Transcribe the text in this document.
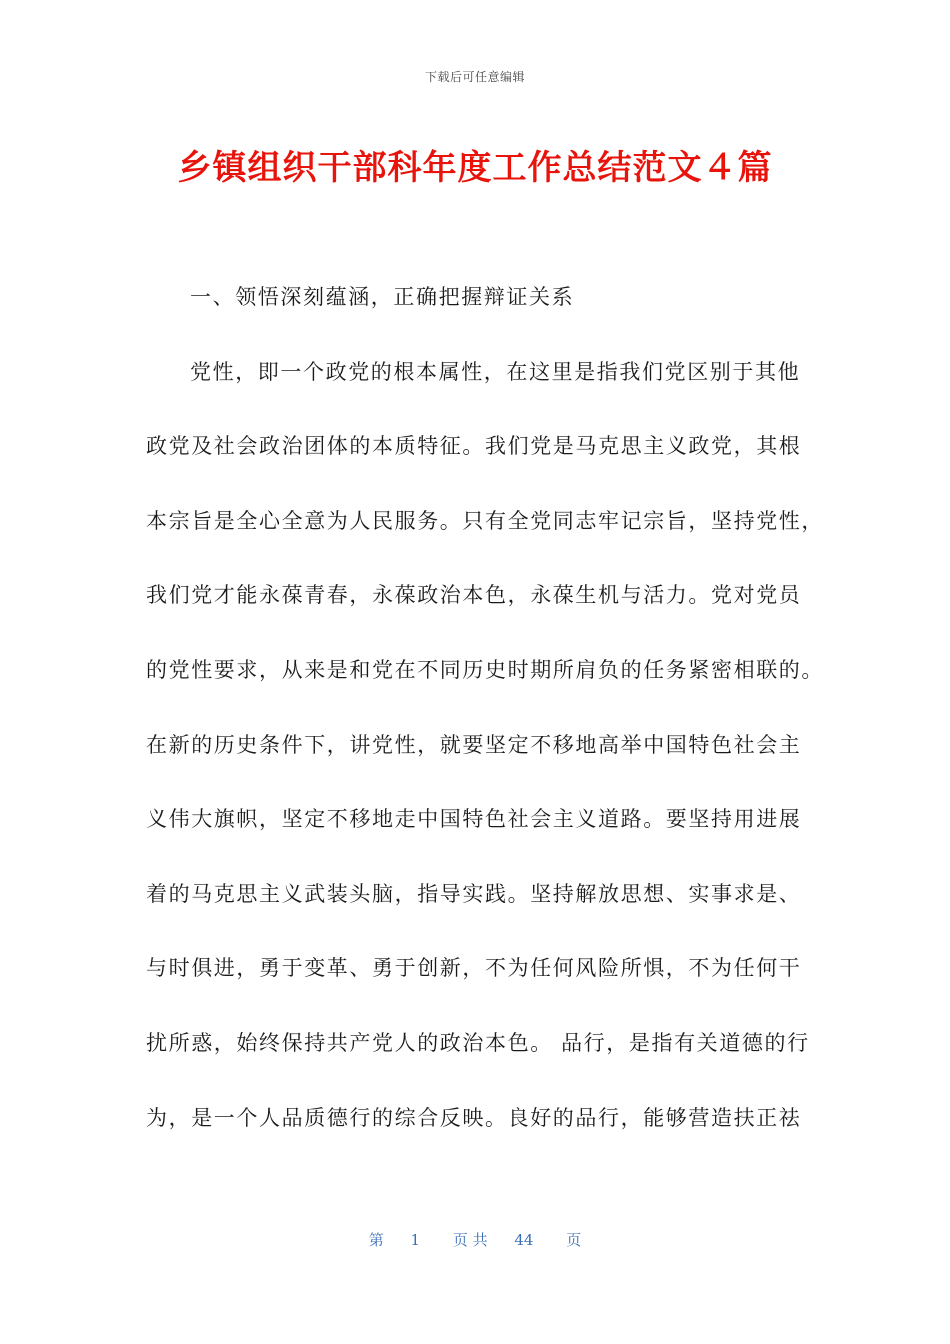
下载后可任意编辑
乡镇组织干部科年度工作总结范文４篇
一、领悟深刻蕴涵，正确把握辩证关系
党性，即一个政党的根本属性，在这里是指我们党区别于其他
政党及社会政治团体的本质特征。我们党是马克思主义政党，其根
本宗旨是全心全意为人民服务。只有全党同志牢记宗旨，坚持党性，
我们党才能永葆青春，永葆政治本色，永葆生机与活力。党对党员
的党性要求，从来是和党在不同历史时期所肩负的任务紧密相联的。
在新的历史条件下，讲党性，就要坚定不移地高举中国特色社会主
义伟大旗帜，坚定不移地走中国特色社会主义道路。要坚持用进展
着的马克思主义武装头脑，指导实践。坚持解放思想、实事求是、
与时俱进，勇于变革、勇于创新，不为任何风险所惧，不为任何干
扰所惑，始终保持共产党人的政治本色。 品行，是指有关道德的行
为，是一个人品质德行的综合反映。良好的品行，能够营造扶正祛
第 1 页 共 44 页
